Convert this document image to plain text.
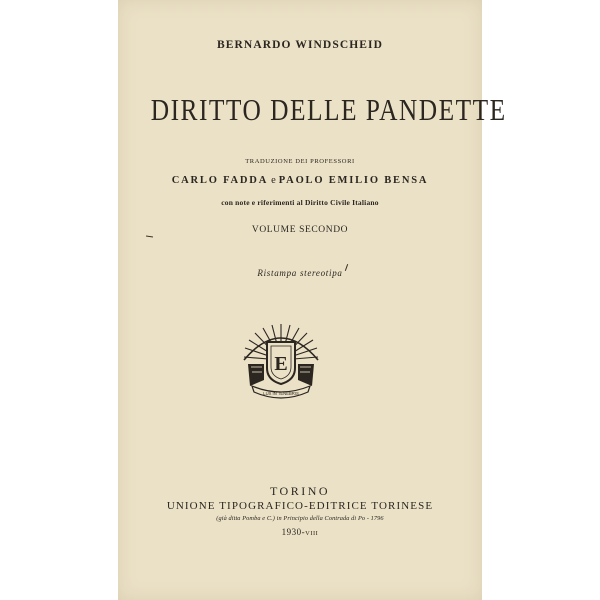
BERNARDO WINDSCHEID
DIRITTO DELLE PANDETTE
TRADUZIONE DEI PROFESSORI
CARLO FADDA e PAOLO EMILIO BENSA
con note e riferimenti al Diritto Civile Italiano
VOLUME SECONDO
Ristampa stereotipa
E
LUX IN TENEBRIS
TORINO
UNIONE TIPOGRAFICO-EDITRICE TORINESE
(già ditta Pomba e C.) in Principio della Contrada di Po - 1796
1930-VIII
